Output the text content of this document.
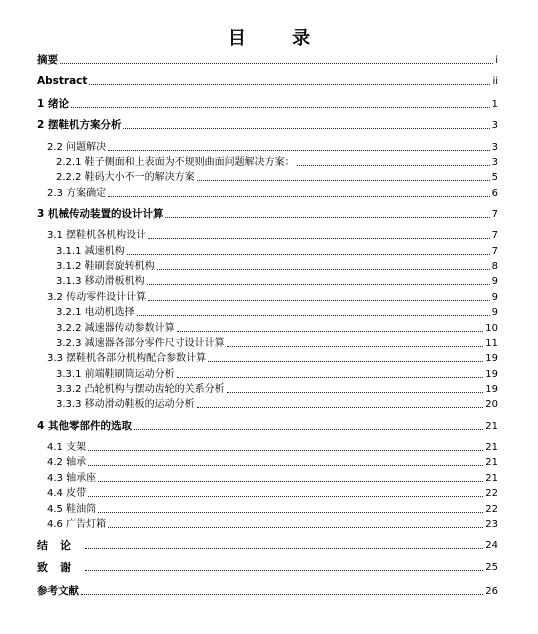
目 录
摘要	i
Abstract	ii
1 绪论	1
2 摆鞋机方案分析	3
2.2 问题解决	3
2.2.1 鞋子侧面和上表面为不规则曲面问题解决方案：	3
2.2.2 鞋码大小不一的解决方案	5
2.3 方案确定	6
3 机械传动装置的设计计算	7
3.1 摆鞋机各机构设计	7
3.1.1 减速机构	7
3.1.2 鞋刷套旋转机构	8
3.1.3 移动滑板机构	9
3.2 传动零件设计计算	9
3.2.1 电动机选择	9
3.2.2 减速器传动参数计算	10
3.2.3 减速器各部分零件尺寸设计计算	11
3.3 摆鞋机各部分机构配合参数计算	19
3.3.1 前端鞋刷筒运动分析	19
3.3.2 凸轮机构与摆动齿轮的关系分析	19
3.3.3 移动滑动鞋板的运动分析	20
4 其他零部件的选取	21
4.1 支架	21
4.2 轴承	21
4.3 轴承座	21
4.4 皮带	22
4.5 鞋油筒	22
4.6 广告灯箱	23
结论	24
致谢	25
参考文献	26
